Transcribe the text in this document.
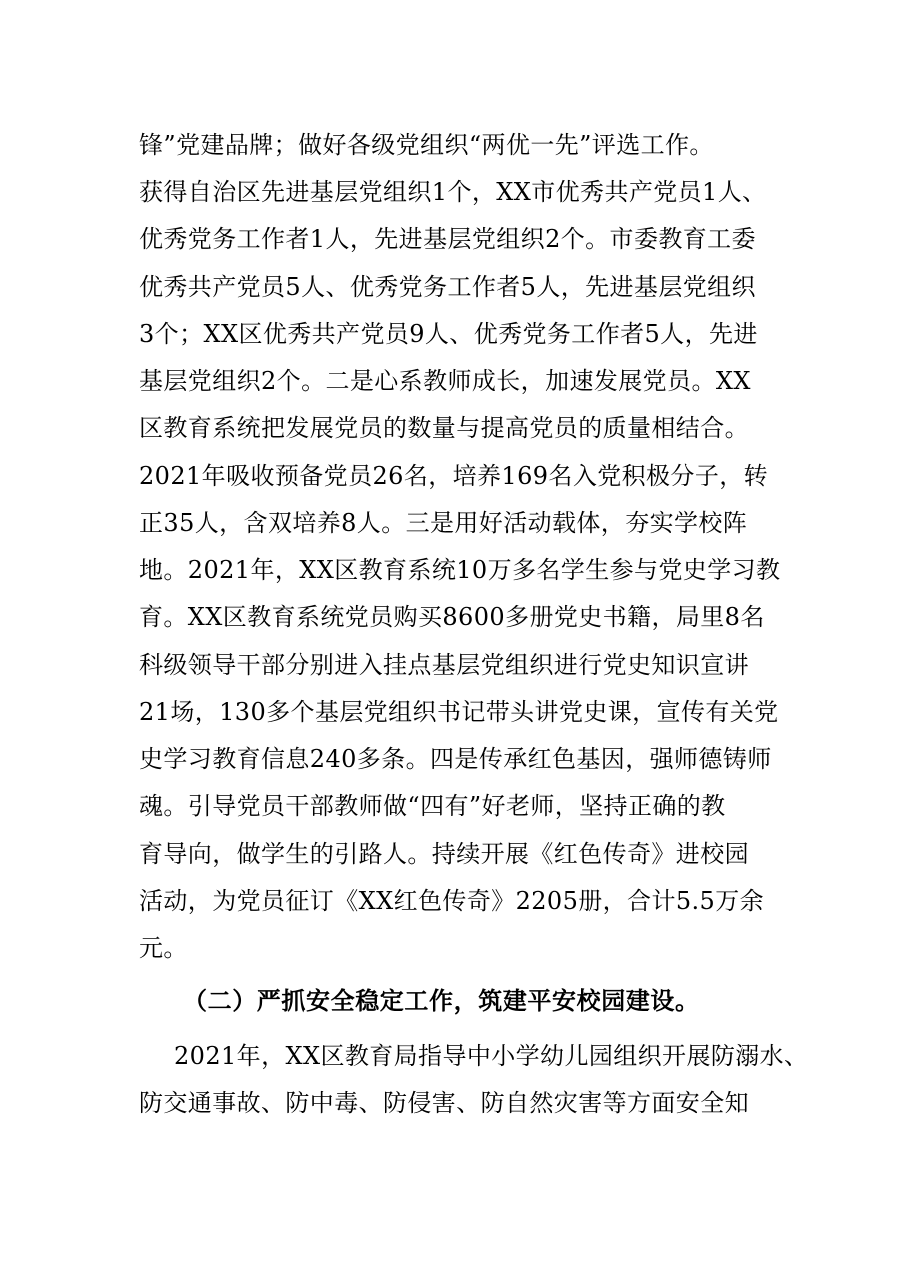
锋”党建品牌；做好各级党组织“两优一先”评选工作。
获得自治区先进基层党组织1个，XX市优秀共产党员1人、
优秀党务工作者1人，先进基层党组织2个。市委教育工委
优秀共产党员5人、优秀党务工作者5人，先进基层党组织
3个；XX区优秀共产党员9人、优秀党务工作者5人，先进
基层党组织2个。二是心系教师成长，加速发展党员。XX
区教育系统把发展党员的数量与提高党员的质量相结合。
2021年吸收预备党员26名，培养169名入党积极分子，转
正35人，含双培养8人。三是用好活动载体，夯实学校阵
地。2021年，XX区教育系统10万多名学生参与党史学习教
育。XX区教育系统党员购买8600多册党史书籍，局里8名
科级领导干部分别进入挂点基层党组织进行党史知识宣讲
21场，130多个基层党组织书记带头讲党史课，宣传有关党
史学习教育信息240多条。四是传承红色基因，强师德铸师
魂。引导党员干部教师做“四有”好老师，坚持正确的教
育导向，做学生的引路人。持续开展《红色传奇》进校园
活动，为党员征订《XX红色传奇》2205册，合计5.5万余
元。
（二）严抓安全稳定工作，筑建平安校园建设。
2021年，XX区教育局指导中小学幼儿园组织开展防溺水、
防交通事故、防中毒、防侵害、防自然灾害等方面安全知
